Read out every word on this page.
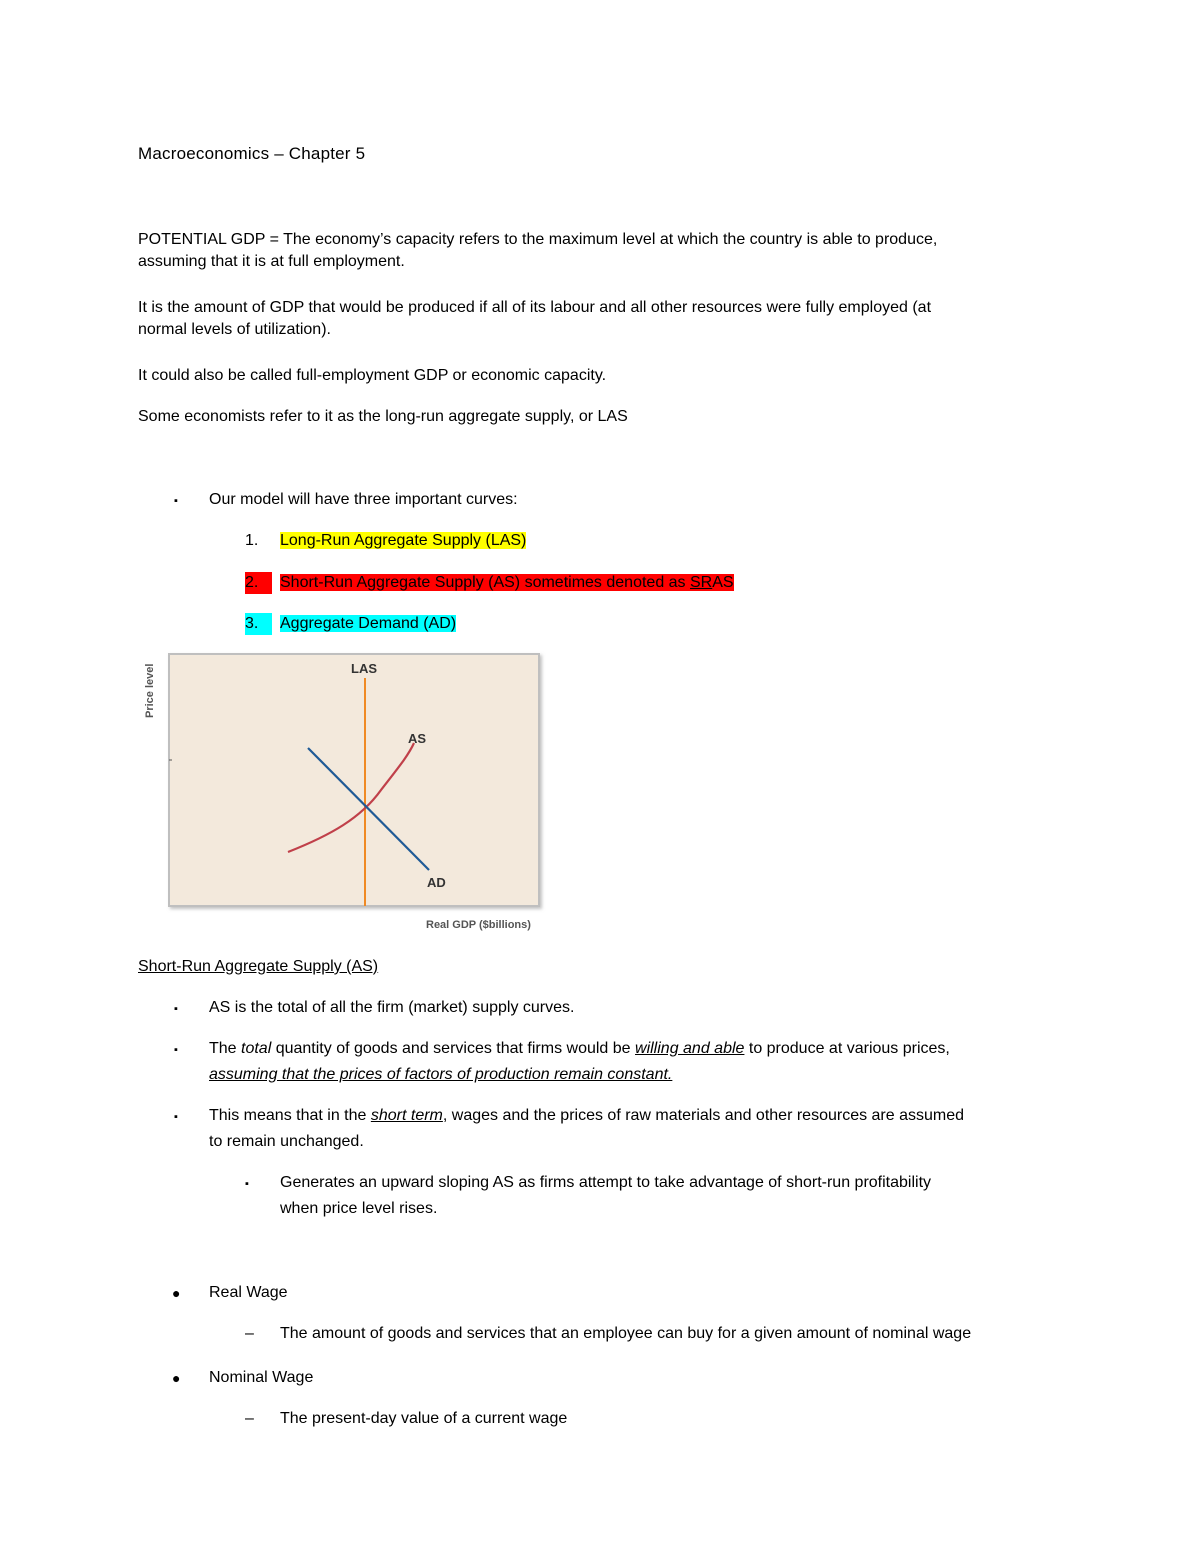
Macroeconomics – Chapter 5

POTENTIAL GDP = The economy’s capacity refers to the maximum level at which the country is able to produce,

assuming that it is at full employment.

It is the amount of GDP that would be produced if all of its labour and all other resources were fully employed (at

normal levels of utilization).

It could also be called full-employment GDP or economic capacity.
Some economists refer to it as the long-run aggregate supply, or LAS
▪ Our model will have three important curves:
1. Long-Run Aggregate Supply (LAS)
2.	Short-Run Aggregate Supply (AS) sometimes denoted as SRAS
3.	Aggregate Demand (AD)
LAS
AS
AD
Price level
Real GDP ($billions)
Short-Run Aggregate Supply (AS)
▪ AS is the total of all the firm (market) supply curves.
▪ The total quantity of goods and services that firms would be willing and able to produce at various prices,
assuming that the prices of factors of production remain constant.
▪ This means that in the short term, wages and the prices of raw materials and other resources are assumed
to remain unchanged.
▪ Generates an upward sloping AS as firms attempt to take advantage of short-run profitability
when price level rises.
● Real Wage
– The amount of goods and services that an employee can buy for a given amount of nominal wage
● Nominal Wage
– The present-day value of a current wage
